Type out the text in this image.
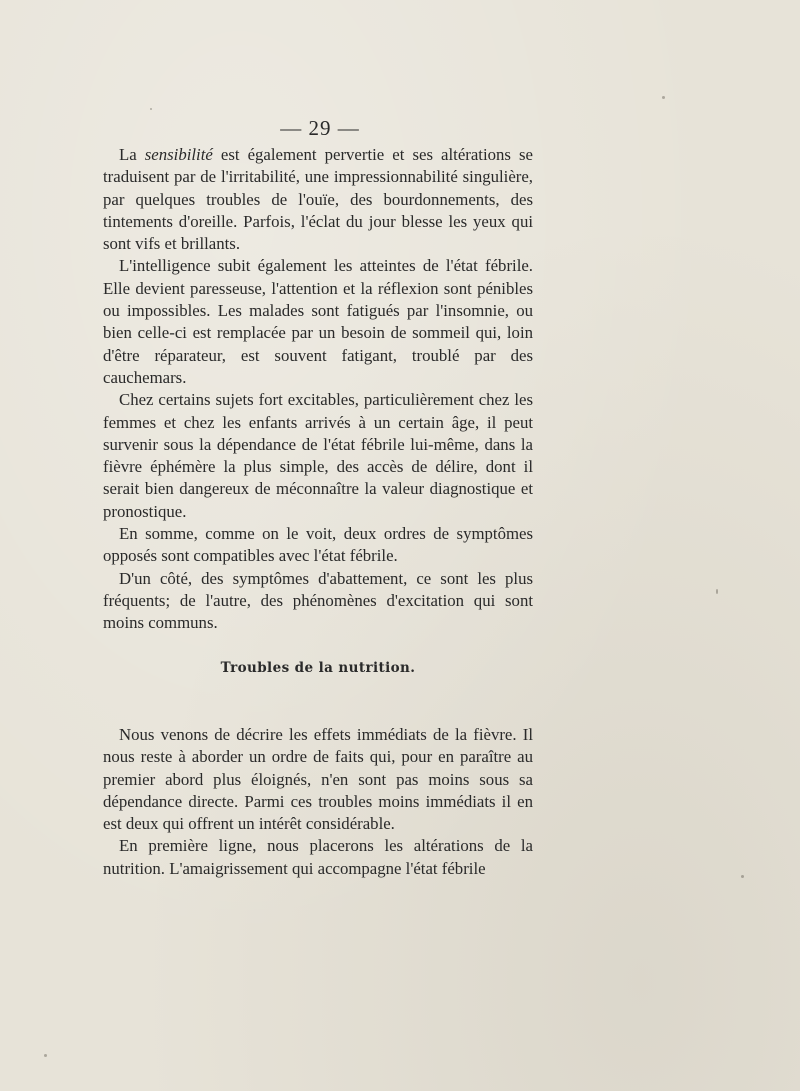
— 29 —

La sensibilité est également pervertie et ses altérations se traduisent par de l'irritabilité, une impressionnabilité singulière, par quelques troubles de l'ouïe, des bourdonnements, des tintements d'oreille. Parfois, l'éclat du jour blesse les yeux qui sont vifs et brillants.

L'intelligence subit également les atteintes de l'état fébrile. Elle devient paresseuse, l'attention et la réflexion sont pénibles ou impossibles. Les malades sont fatigués par l'insomnie, ou bien celle-ci est remplacée par un besoin de sommeil qui, loin d'être réparateur, est souvent fatigant, troublé par des cauchemars.

Chez certains sujets fort excitables, particulièrement chez les femmes et chez les enfants arrivés à un certain âge, il peut survenir sous la dépendance de l'état fébrile lui-même, dans la fièvre éphémère la plus simple, des accès de délire, dont il serait bien dangereux de méconnaître la valeur diagnostique et pronostique.

En somme, comme on le voit, deux ordres de symptômes opposés sont compatibles avec l'état fébrile.

D'un côté, des symptômes d'abattement, ce sont les plus fréquents; de l'autre, des phénomènes d'excitation qui sont moins communs.

Troubles de la nutrition.

Nous venons de décrire les effets immédiats de la fièvre. Il nous reste à aborder un ordre de faits qui, pour en paraître au premier abord plus éloignés, n'en sont pas moins sous sa dépendance directe. Parmi ces troubles moins immédiats il en est deux qui offrent un intérêt considérable.

En première ligne, nous placerons les altérations de la nutrition. L'amaigrissement qui accompagne l'état fébrile
